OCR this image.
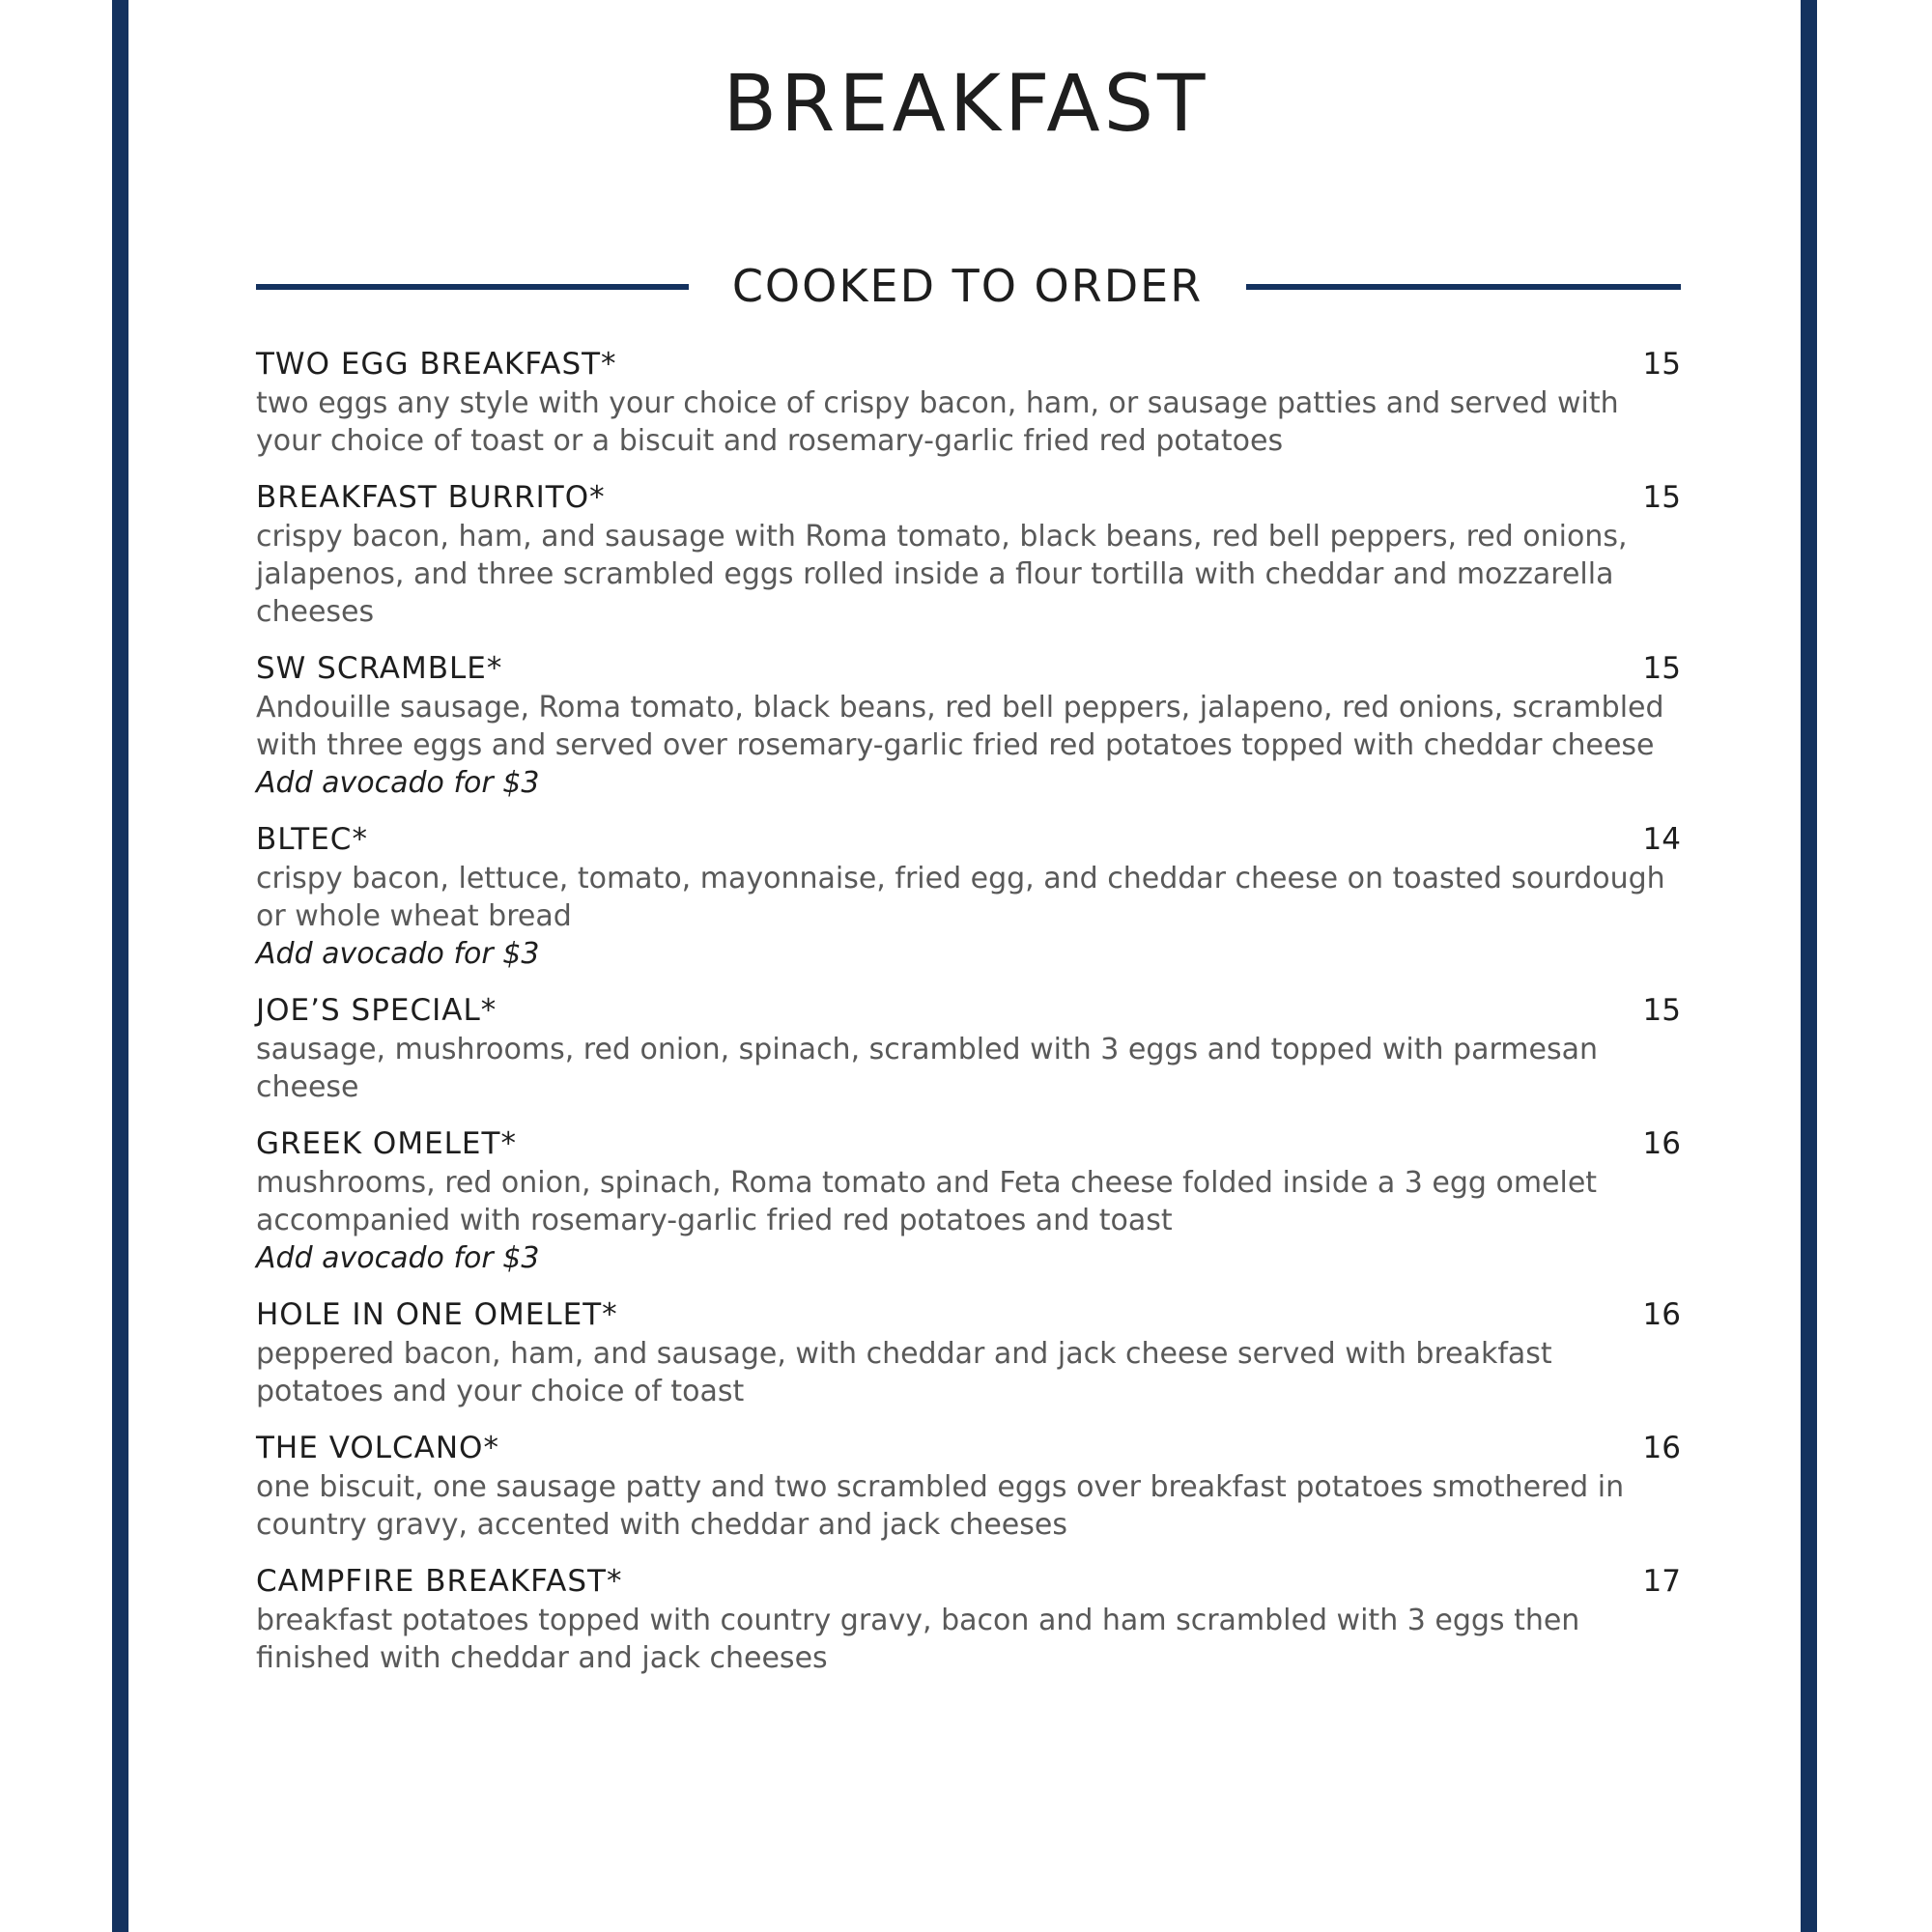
BREAKFAST
COOKED TO ORDER
TWO EGG BREAKFAST*	15
two eggs any style with your choice of crispy bacon, ham, or sausage patties and served with your choice of toast or a biscuit and rosemary-garlic fried red potatoes
BREAKFAST BURRITO*	15
crispy bacon, ham, and sausage with Roma tomato, black beans, red bell peppers, red onions, jalapenos, and three scrambled eggs rolled inside a flour tortilla with cheddar and mozzarella cheeses
SW SCRAMBLE*	15
Andouille sausage, Roma tomato, black beans, red bell peppers, jalapeno, red onions, scrambled with three eggs and served over rosemary-garlic fried red potatoes topped with cheddar cheese
Add avocado for $3
BLTEC*	14
crispy bacon, lettuce, tomato, mayonnaise, fried egg, and cheddar cheese on toasted sourdough or whole wheat bread
Add avocado for $3
JOE’S SPECIAL*	15
sausage, mushrooms, red onion, spinach, scrambled with 3 eggs and topped with parmesan cheese
GREEK OMELET*	16
mushrooms, red onion, spinach, Roma tomato and Feta cheese folded inside a 3 egg omelet accompanied with rosemary-garlic fried red potatoes and toast
Add avocado for $3
HOLE IN ONE OMELET*	16
peppered bacon, ham, and sausage, with cheddar and jack cheese served with breakfast potatoes and your choice of toast
THE VOLCANO*	16
one biscuit, one sausage patty and two scrambled eggs over breakfast potatoes smothered in country gravy, accented with cheddar and jack cheeses
CAMPFIRE BREAKFAST*	17
breakfast potatoes topped with country gravy, bacon and ham scrambled with 3 eggs then finished with cheddar and jack cheeses
